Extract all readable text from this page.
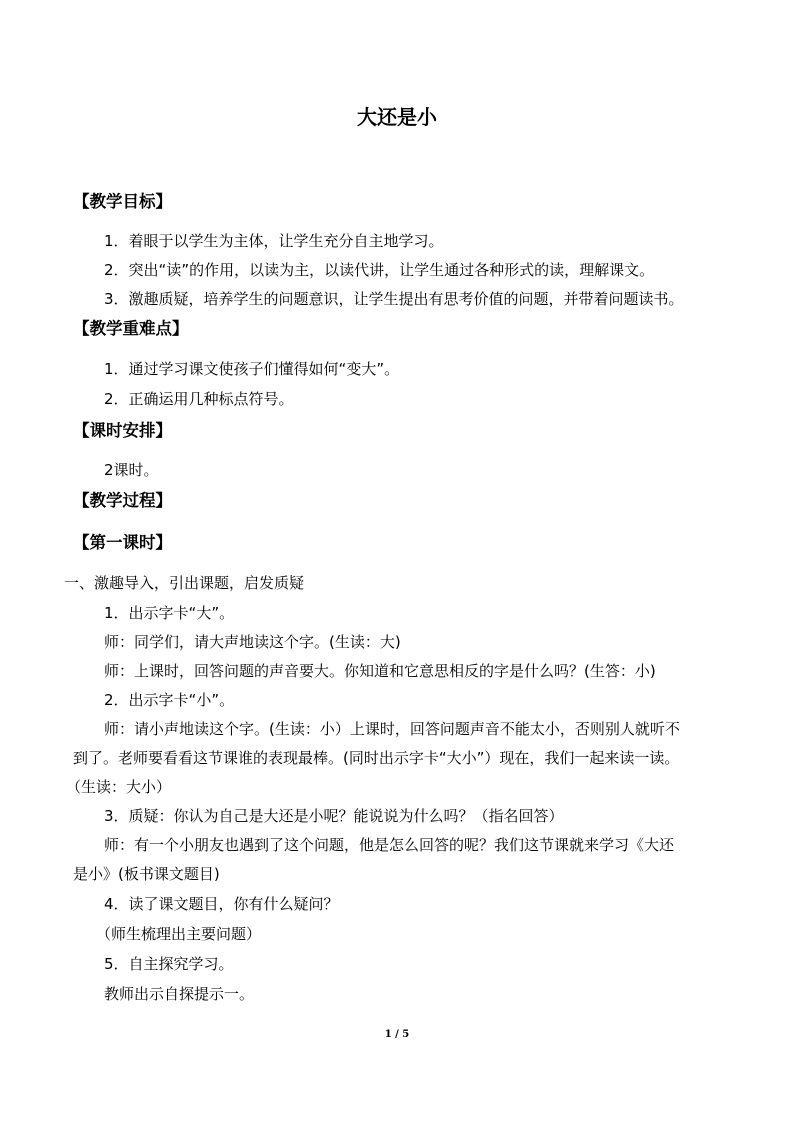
大还是小
【教学目标】
1．着眼于以学生为主体，让学生充分自主地学习。
2．突出“读”的作用，以读为主，以读代讲，让学生通过各种形式的读，理解课文。
3．激趣质疑，培养学生的问题意识，让学生提出有思考价值的问题，并带着问题读书。
【教学重难点】
1．通过学习课文使孩子们懂得如何“变大”。
2．正确运用几种标点符号。
【课时安排】
2课时。
【教学过程】
【第一课时】
一、激趣导入，引出课题，启发质疑
1．出示字卡“大”。
师：同学们，请大声地读这个字。(生读：大)
师：上课时，回答问题的声音要大。你知道和它意思相反的字是什么吗？(生答：小)
2．出示字卡“小”。
师：请小声地读这个字。(生读：小）上课时，回答问题声音不能太小，否则别人就听不
到了。老师要看看这节课谁的表现最棒。(同时出示字卡“大小”）现在，我们一起来读一读。
（生读：大小）
3．质疑：你认为自己是大还是小呢？能说说为什么吗？（指名回答）
师：有一个小朋友也遇到了这个问题，他是怎么回答的呢？我们这节课就来学习《大还
是小》(板书课文题目)
4．读了课文题目，你有什么疑问？
（师生梳理出主要问题）
5．自主探究学习。
教师出示自探提示一。
1 / 5
